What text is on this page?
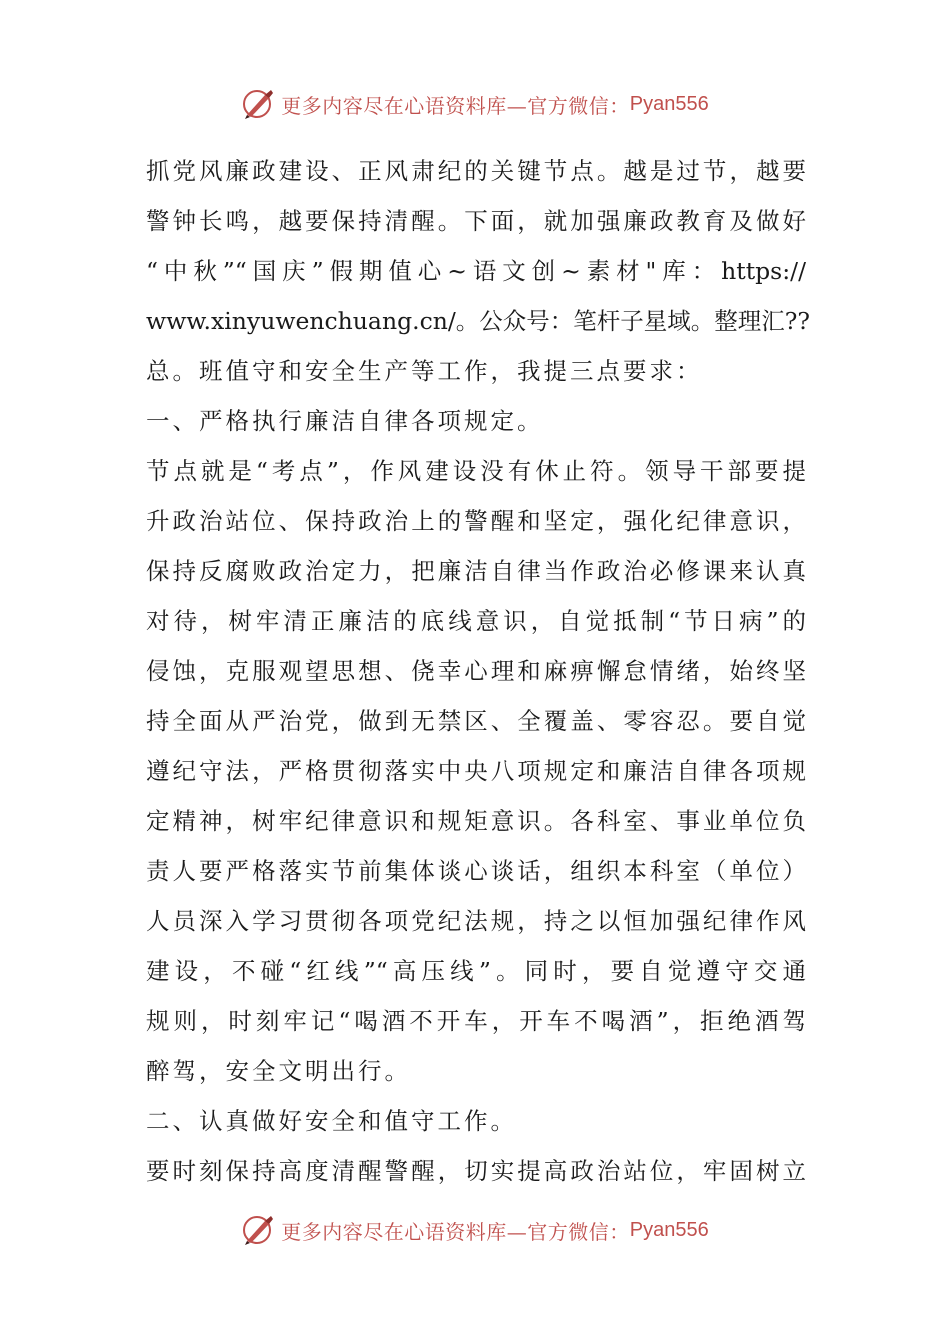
更多内容尽在心语资料库—官方微信： Pyan556
抓党风廉政建设、正风肃纪的关键节点。越是过节，越要
警钟长鸣，越要保持清醒。下面，就加强廉政教育及做好
“中秋”“国庆”假期值心~语文创~素材"库：https://
www.xinyuwenchuang.cn/。公众号：笔杆子星域。整理汇??
总。班值守和安全生产等工作，我提三点要求：
一、严格执行廉洁自律各项规定。
节点就是“考点”，作风建设没有休止符。领导干部要提
升政治站位、保持政治上的警醒和坚定，强化纪律意识，
保持反腐败政治定力，把廉洁自律当作政治必修课来认真
对待，树牢清正廉洁的底线意识，自觉抵制“节日病”的
侵蚀，克服观望思想、侥幸心理和麻痹懈怠情绪，始终坚
持全面从严治党，做到无禁区、全覆盖、零容忍。要自觉
遵纪守法，严格贯彻落实中央八项规定和廉洁自律各项规
定精神，树牢纪律意识和规矩意识。各科室、事业单位负
责人要严格落实节前集体谈心谈话，组织本科室（单位）
人员深入学习贯彻各项党纪法规，持之以恒加强纪律作风
建设，不碰“红线”“高压线”。同时，要自觉遵守交通
规则，时刻牢记“喝酒不开车，开车不喝酒”，拒绝酒驾
醉驾，安全文明出行。
二、认真做好安全和值守工作。
要时刻保持高度清醒警醒，切实提高政治站位，牢固树立
更多内容尽在心语资料库—官方微信： Pyan556
